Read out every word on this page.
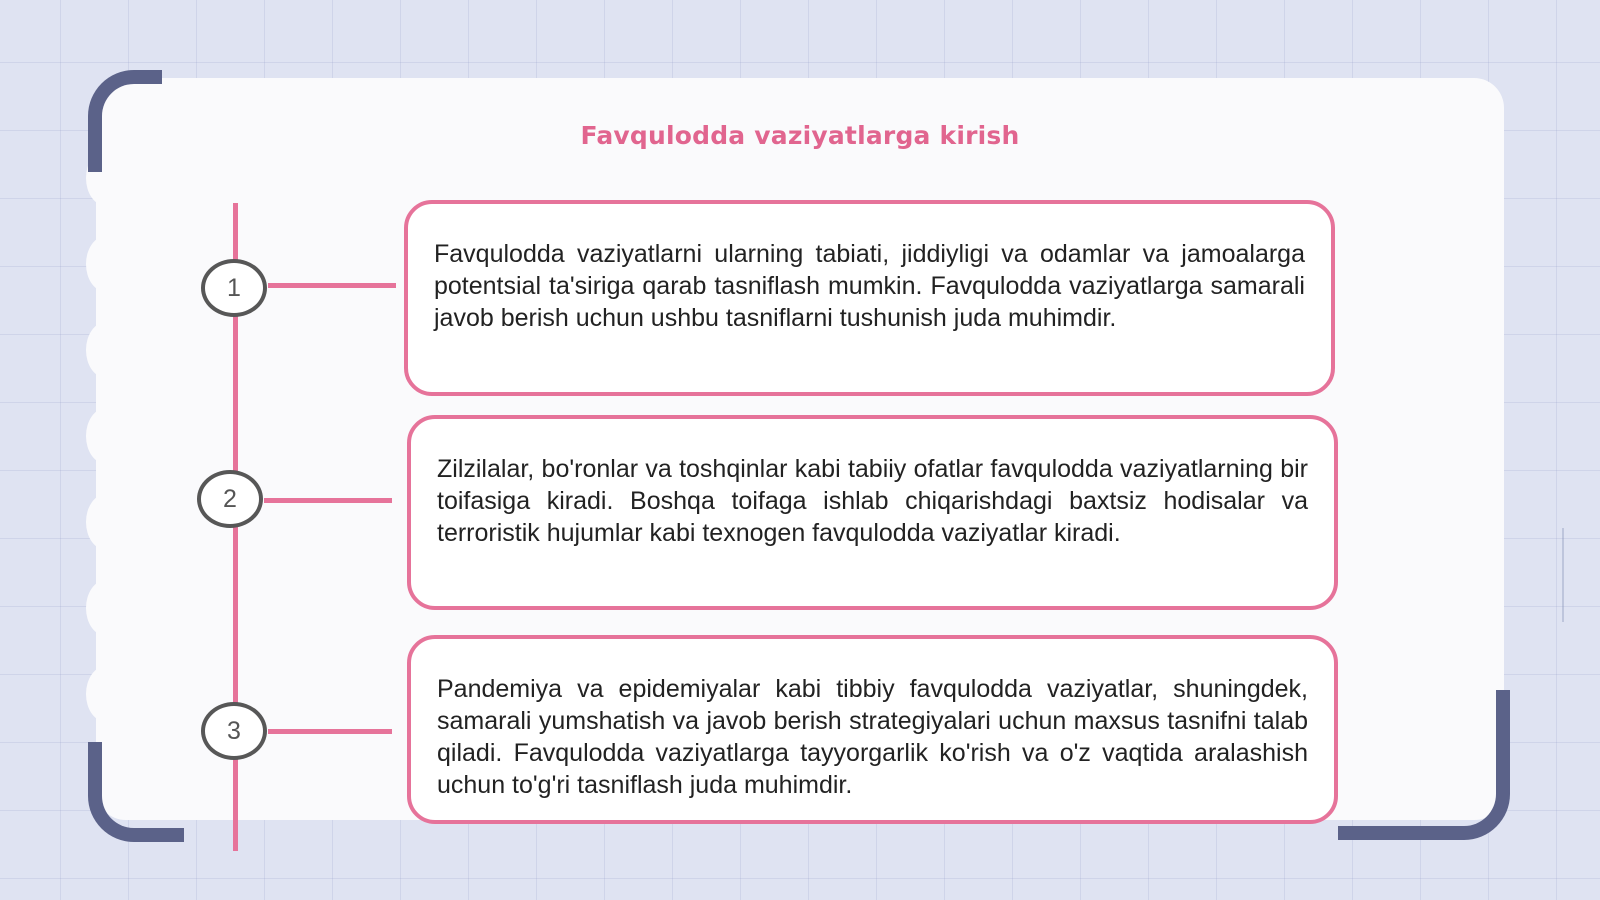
Favqulodda vaziyatlarga kirish
1
2
3

Favqulodda vaziyatlarni ularning tabiati, jiddiyligi va odamlar va jamoalarga potentsial ta'siriga qarab tasniflash mumkin. Favqulodda vaziyatlarga samarali javob berish uchun ushbu tasniflarni tushunish juda muhimdir.

Zilzilalar, bo'ronlar va toshqinlar kabi tabiiy ofatlar favqulodda vaziyatlarning bir toifasiga kiradi. Boshqa toifaga ishlab chiqarishdagi baxtsiz hodisalar va terroristik hujumlar kabi texnogen favqulodda vaziyatlar kiradi.

Pandemiya va epidemiyalar kabi tibbiy favqulodda vaziyatlar, shuningdek, samarali yumshatish va javob berish strategiyalari uchun maxsus tasnifni talab qiladi. Favqulodda vaziyatlarga tayyorgarlik ko'rish va o'z vaqtida aralashish uchun to'g'ri tasniflash juda muhimdir.
